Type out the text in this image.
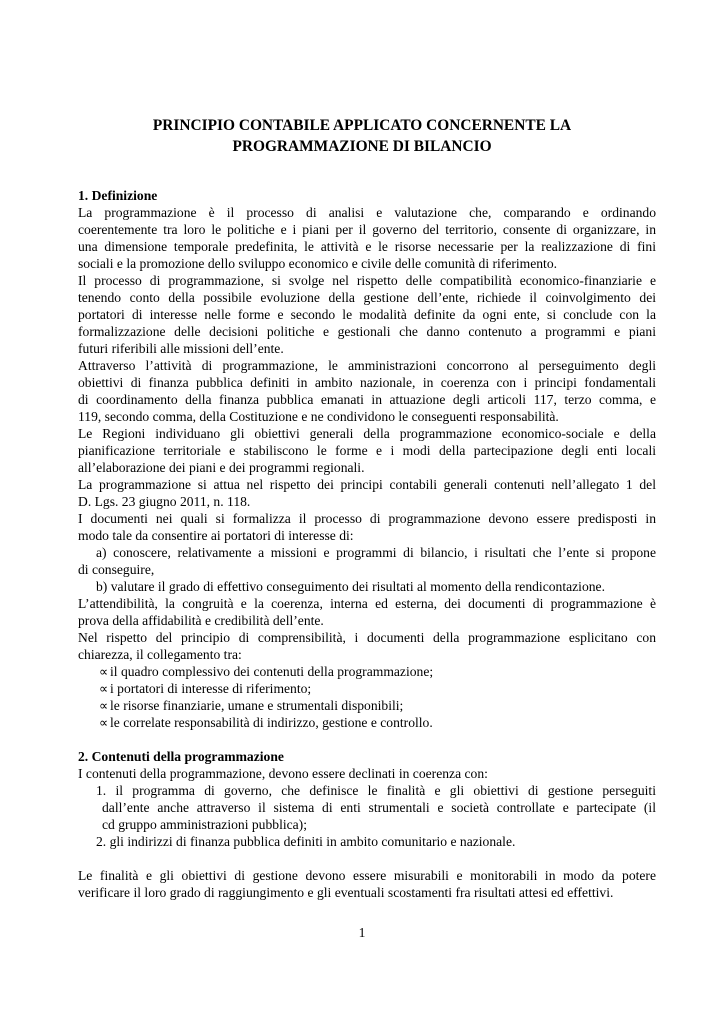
PRINCIPIO CONTABILE APPLICATO CONCERNENTE LA
PROGRAMMAZIONE DI BILANCIO
1. Definizione
La programmazione è il processo di analisi e valutazione che, comparando e ordinando
coerentemente tra loro le politiche e i piani per il governo del territorio, consente di organizzare, in
una dimensione temporale predefinita, le attività e le risorse necessarie per la realizzazione di fini
sociali e la promozione dello sviluppo economico e civile delle comunità di riferimento.
Il processo di programmazione, si svolge nel rispetto delle compatibilità economico-finanziarie e
tenendo conto della possibile evoluzione della gestione dell’ente, richiede il coinvolgimento dei
portatori di interesse nelle forme e secondo le modalità definite da ogni ente, si conclude con la
formalizzazione delle decisioni politiche e gestionali che danno contenuto a programmi e piani
futuri riferibili alle missioni dell’ente.
Attraverso l’attività di programmazione, le amministrazioni concorrono al perseguimento degli
obiettivi di finanza pubblica definiti in ambito nazionale, in coerenza con i principi fondamentali
di coordinamento della finanza pubblica emanati in attuazione degli articoli 117, terzo comma, e
119, secondo comma, della Costituzione e ne condividono le conseguenti responsabilità.
Le Regioni individuano gli obiettivi generali della programmazione economico-sociale e della
pianificazione territoriale e stabiliscono le forme e i modi della partecipazione degli enti locali
all’elaborazione dei piani e dei programmi regionali.
La programmazione si attua nel rispetto dei principi contabili generali contenuti nell’allegato 1 del
D. Lgs. 23 giugno 2011, n. 118.
I documenti nei quali si formalizza il processo di programmazione devono essere predisposti in
modo tale da consentire ai portatori di interesse di:
a) conoscere, relativamente a missioni e programmi di bilancio, i risultati che l’ente si propone
di conseguire,
b) valutare il grado di effettivo conseguimento dei risultati al momento della rendicontazione.
L’attendibilità, la congruità e la coerenza, interna ed esterna, dei documenti di programmazione è
prova della affidabilità e credibilità dell’ente.
Nel rispetto del principio di comprensibilità, i documenti della programmazione esplicitano con
chiarezza, il collegamento tra:
∝ il quadro complessivo dei contenuti della programmazione;
∝ i portatori di interesse di riferimento;
∝ le risorse finanziarie, umane e strumentali disponibili;
∝ le correlate responsabilità di indirizzo, gestione e controllo.
2. Contenuti della programmazione
I contenuti della programmazione, devono essere declinati in coerenza con:
1. il programma di governo, che definisce le finalità e gli obiettivi di gestione perseguiti
dall’ente anche attraverso il sistema di enti strumentali e società controllate e partecipate (il
cd gruppo amministrazioni pubblica);
2. gli indirizzi di finanza pubblica definiti in ambito comunitario e nazionale.
Le finalità e gli obiettivi di gestione devono essere misurabili e monitorabili in modo da potere
verificare il loro grado di raggiungimento e gli eventuali scostamenti fra risultati attesi ed effettivi.
1
